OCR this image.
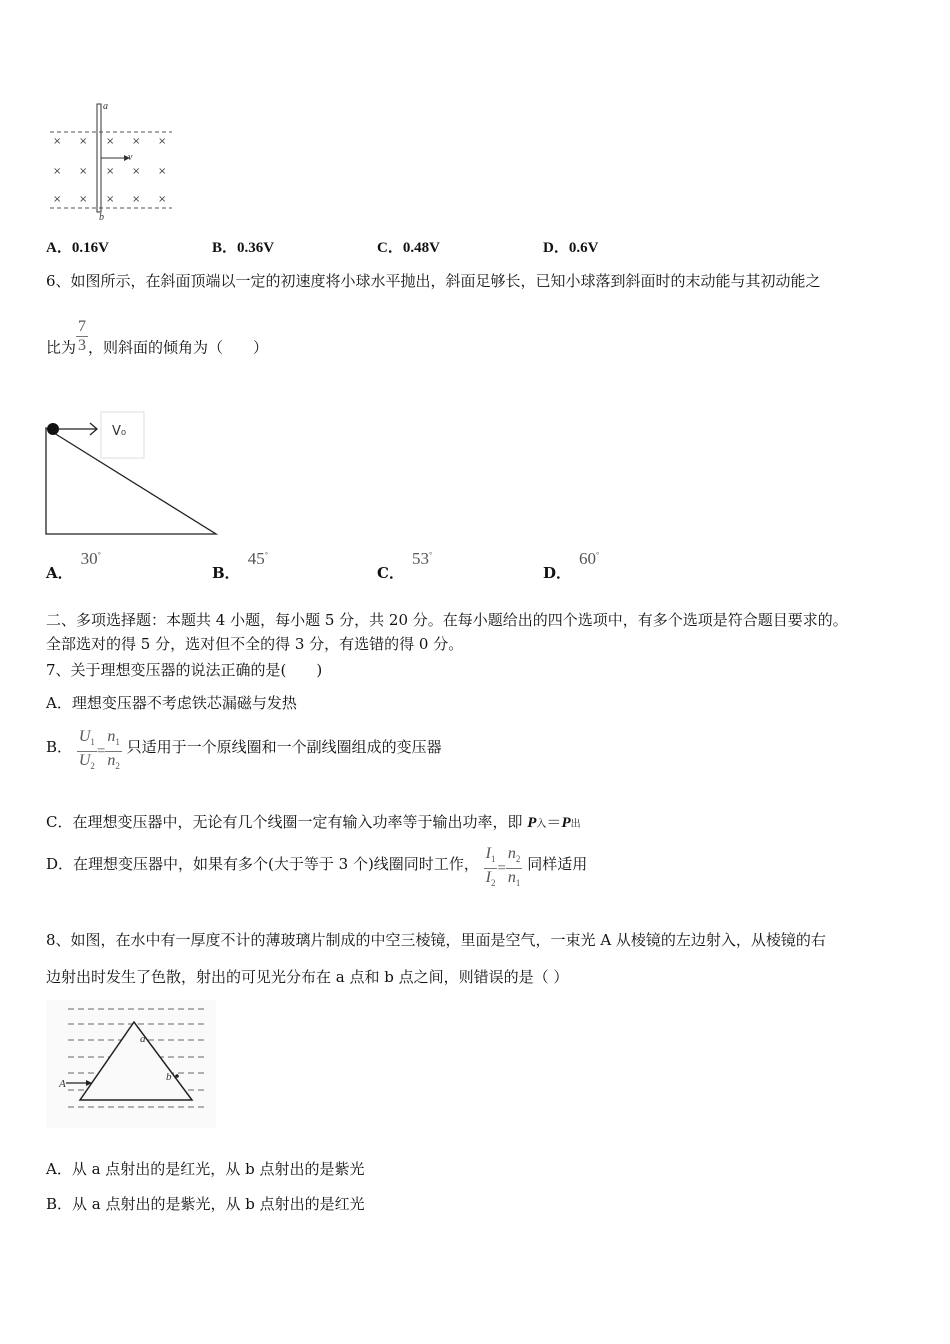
× × × × ×
× × × × ×
× × × × ×
a
b
v
A．0.16V	B．0.36V	C．0.48V	D．0.6V
6、如图所示，在斜面顶端以一定的初速度将小球水平抛出，斜面足够长，已知小球落到斜面时的末动能与其初动能之
比为 $\frac{7}{3}$ ，则斜面的倾角为（　　）
V₀
A．30°
B．45°
C．53°
D．60°
二、多项选择题：本题共 4 小题，每小题 5 分，共 20 分。在每小题给出的四个选项中，有多个选项是符合题目要求的。
全部选对的得 5 分，选对但不全的得 3 分，有选错的得 0 分。
7、关于理想变压器的说法正确的是(　　)
A．理想变压器不考虑铁芯漏磁与发热
B． $\frac{U_1}{U_2} = \frac{n_1}{n_2}$ 只适用于一个原线圈和一个副线圈组成的变压器
C．在理想变压器中，无论有几个线圈一定有输入功率等于输出功率，即 P入＝P出
D．在理想变压器中，如果有多个(大于等于 3 个)线圈同时工作， $\frac{I_1}{I_2} = \frac{n_2}{n_1}$ 同样适用
8、如图，在水中有一厚度不计的薄玻璃片制成的中空三棱镜，里面是空气，一束光 A 从棱镜的左边射入，从棱镜的右
边射出时发生了色散，射出的可见光分布在 a 点和 b 点之间，则错误的是（ ）
A
a
b
A．从 a 点射出的是红光，从 b 点射出的是紫光
B．从 a 点射出的是紫光，从 b 点射出的是红光
